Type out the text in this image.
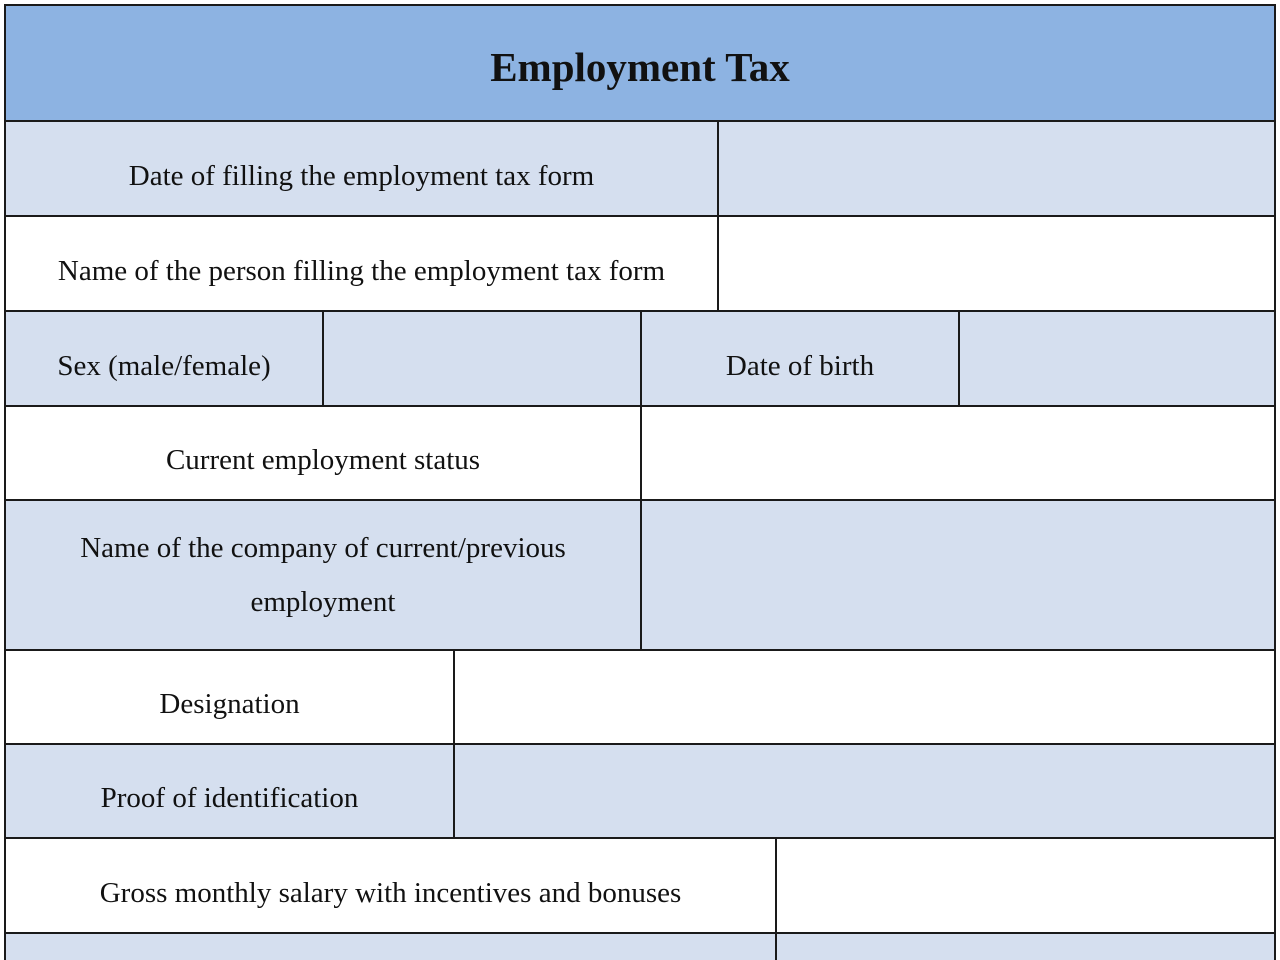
Employment Tax
Date of filling the employment tax form
Name of the person filling the employment tax form
Sex (male/female)	Date of birth
Current employment status
Name of the company of current/previous employment
Designation
Proof of identification
Gross monthly salary with incentives and bonuses
